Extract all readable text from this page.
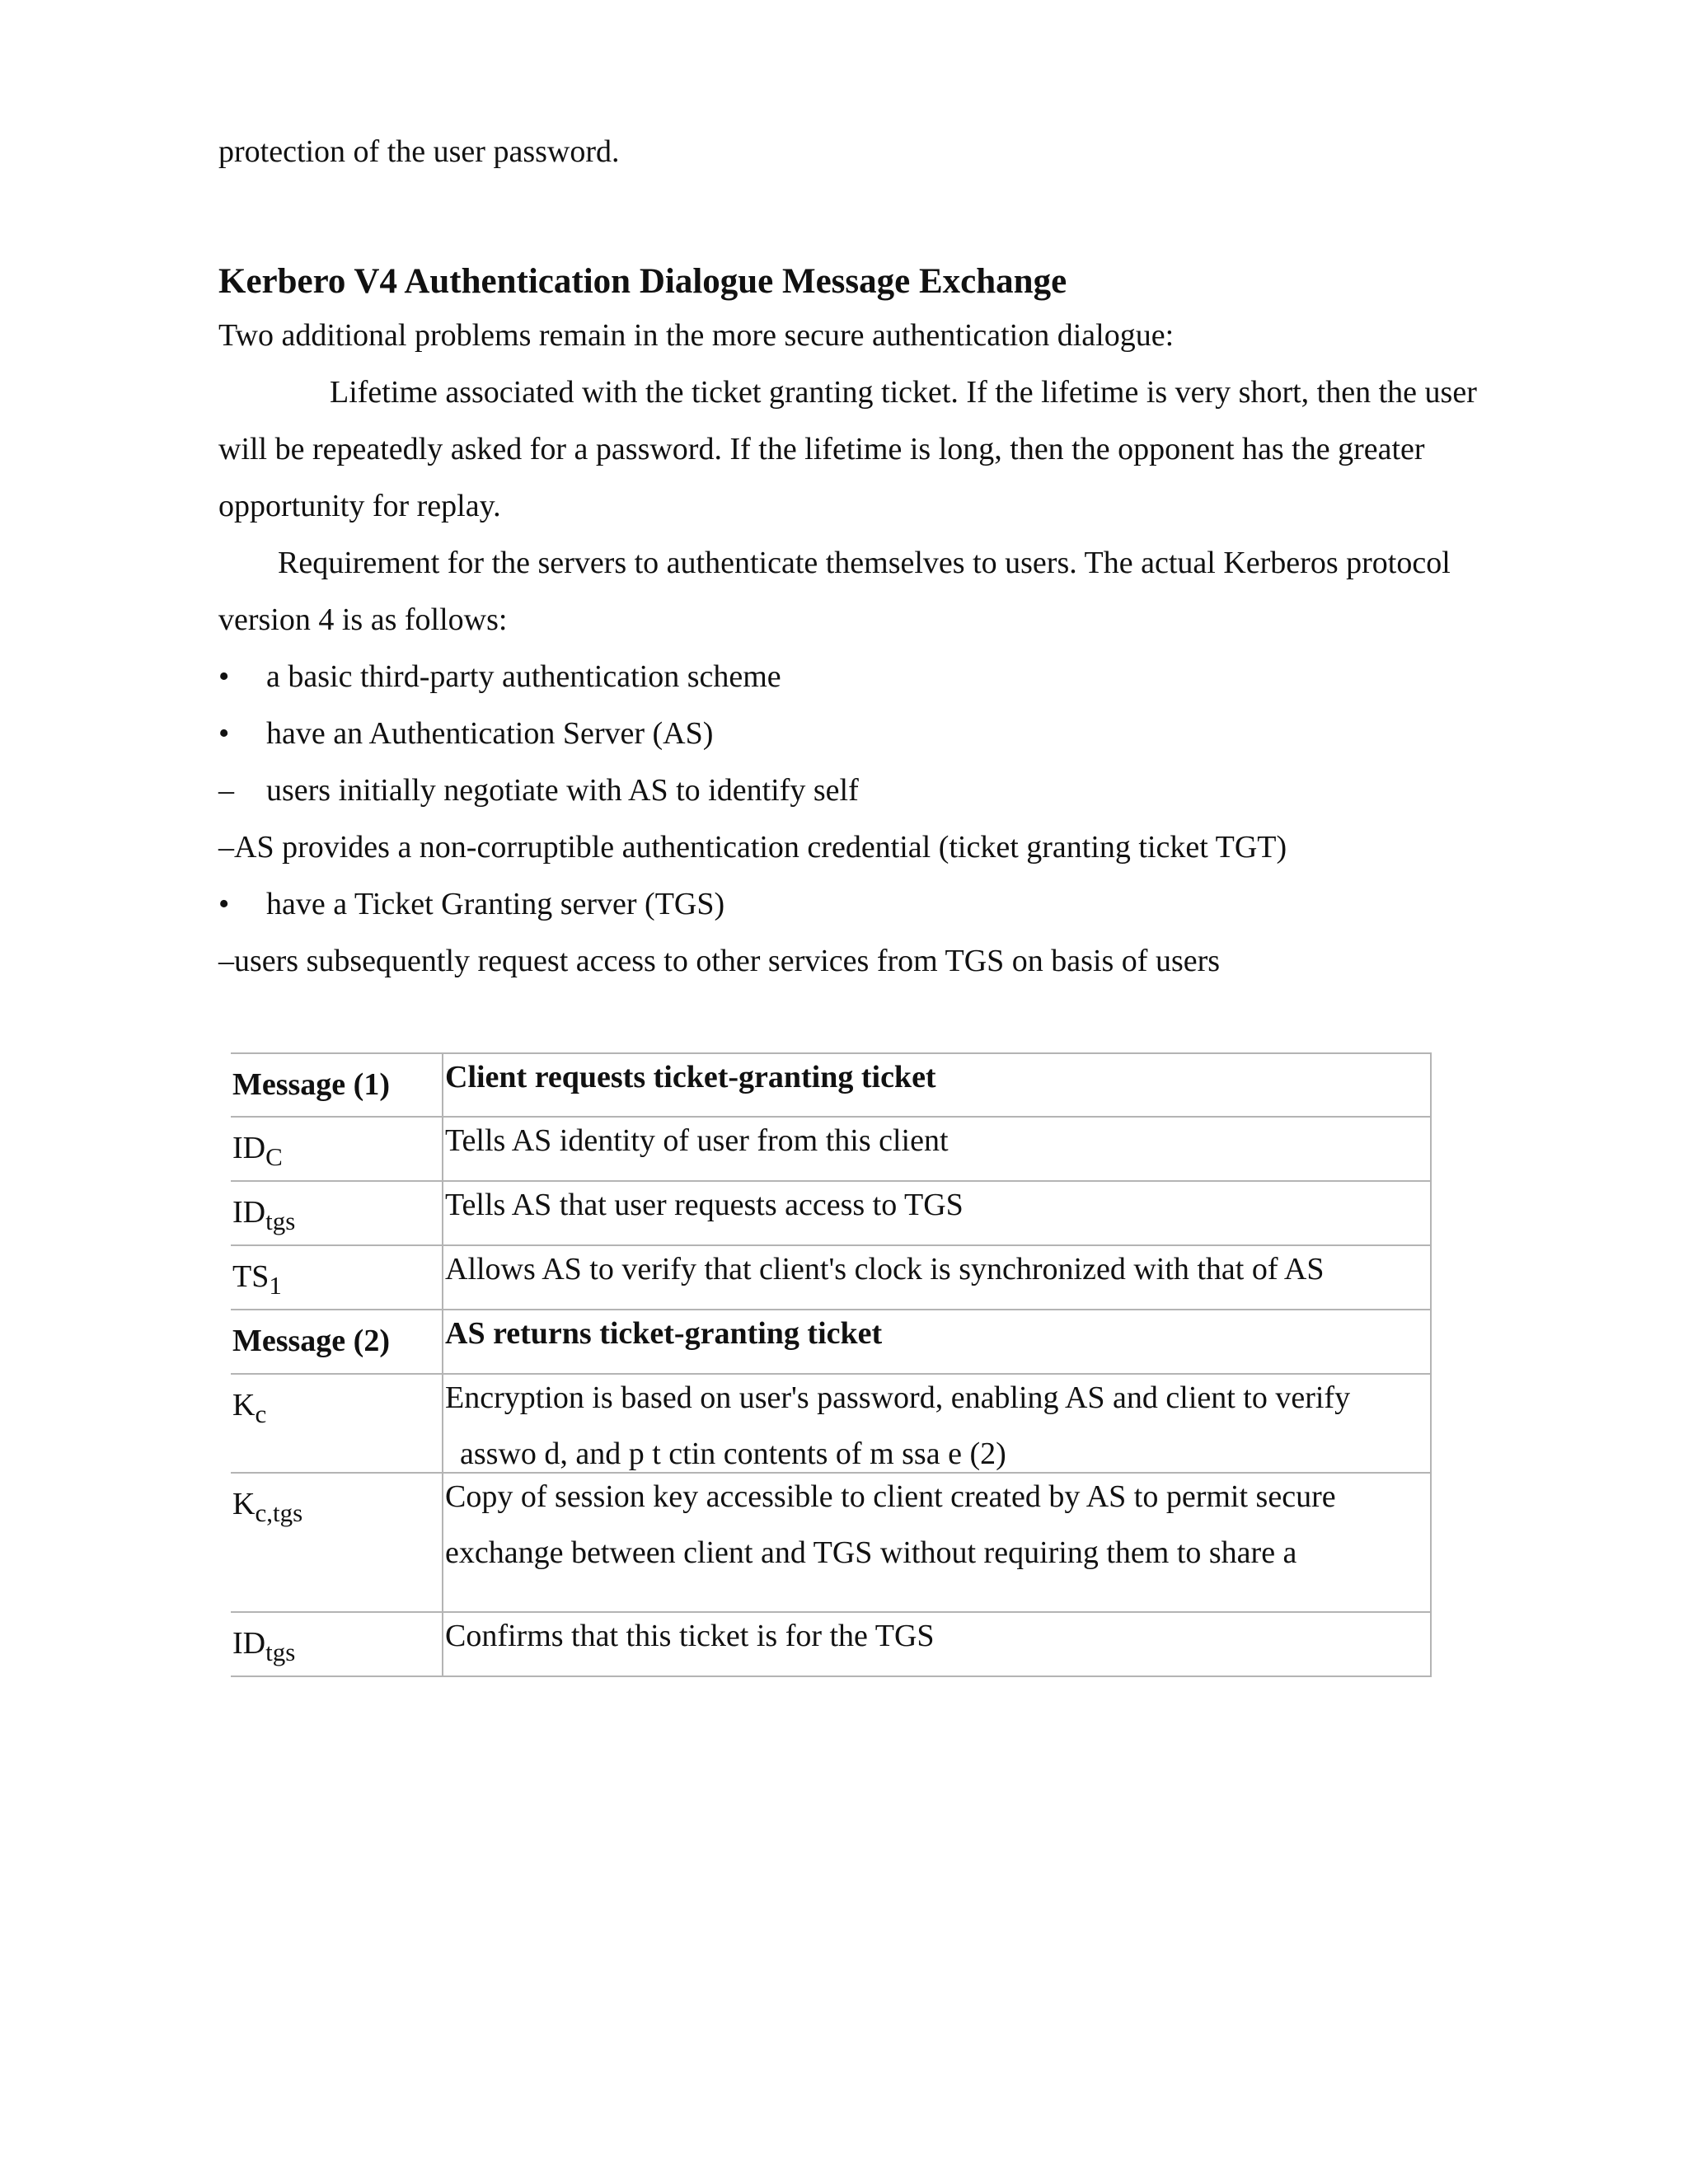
protection of the user password.
Kerbero V4 Authentication Dialogue Message Exchange
Two additional problems remain in the more secure authentication dialogue:
Lifetime associated with the ticket granting ticket. If the lifetime is very short, then the user
will be repeatedly asked for a password. If the lifetime is long, then the opponent has the greater
opportunity for replay.
Requirement for the servers to authenticate themselves to users. The actual Kerberos protocol
version 4 is as follows:
• a basic third-party authentication scheme
• have an Authentication Server (AS)
– users initially negotiate with AS to identify self
–AS provides a non-corruptible authentication credential (ticket granting ticket TGT)
• have a Ticket Granting server (TGS)
–users subsequently request access to other services from TGS on basis of users
Message (1)	Client requests ticket-granting ticket
$ID_C$	Tells AS identity of user from this client
$ID_{tgs}$	Tells AS that user requests access to TGS
$TS_1$	Allows AS to verify that client's clock is synchronized with that of AS
Message (2)	AS returns ticket-granting ticket
$K_c$	Encryption is based on user's password, enabling AS and client to verify
asswo d, and p t ctin contents of m ssa e (2)
$K_{c,tgs}$	Copy of session key accessible to client created by AS to permit secure
exchange between client and TGS without requiring them to share a
$ID_{tgs}$	Confirms that this ticket is for the TGS
